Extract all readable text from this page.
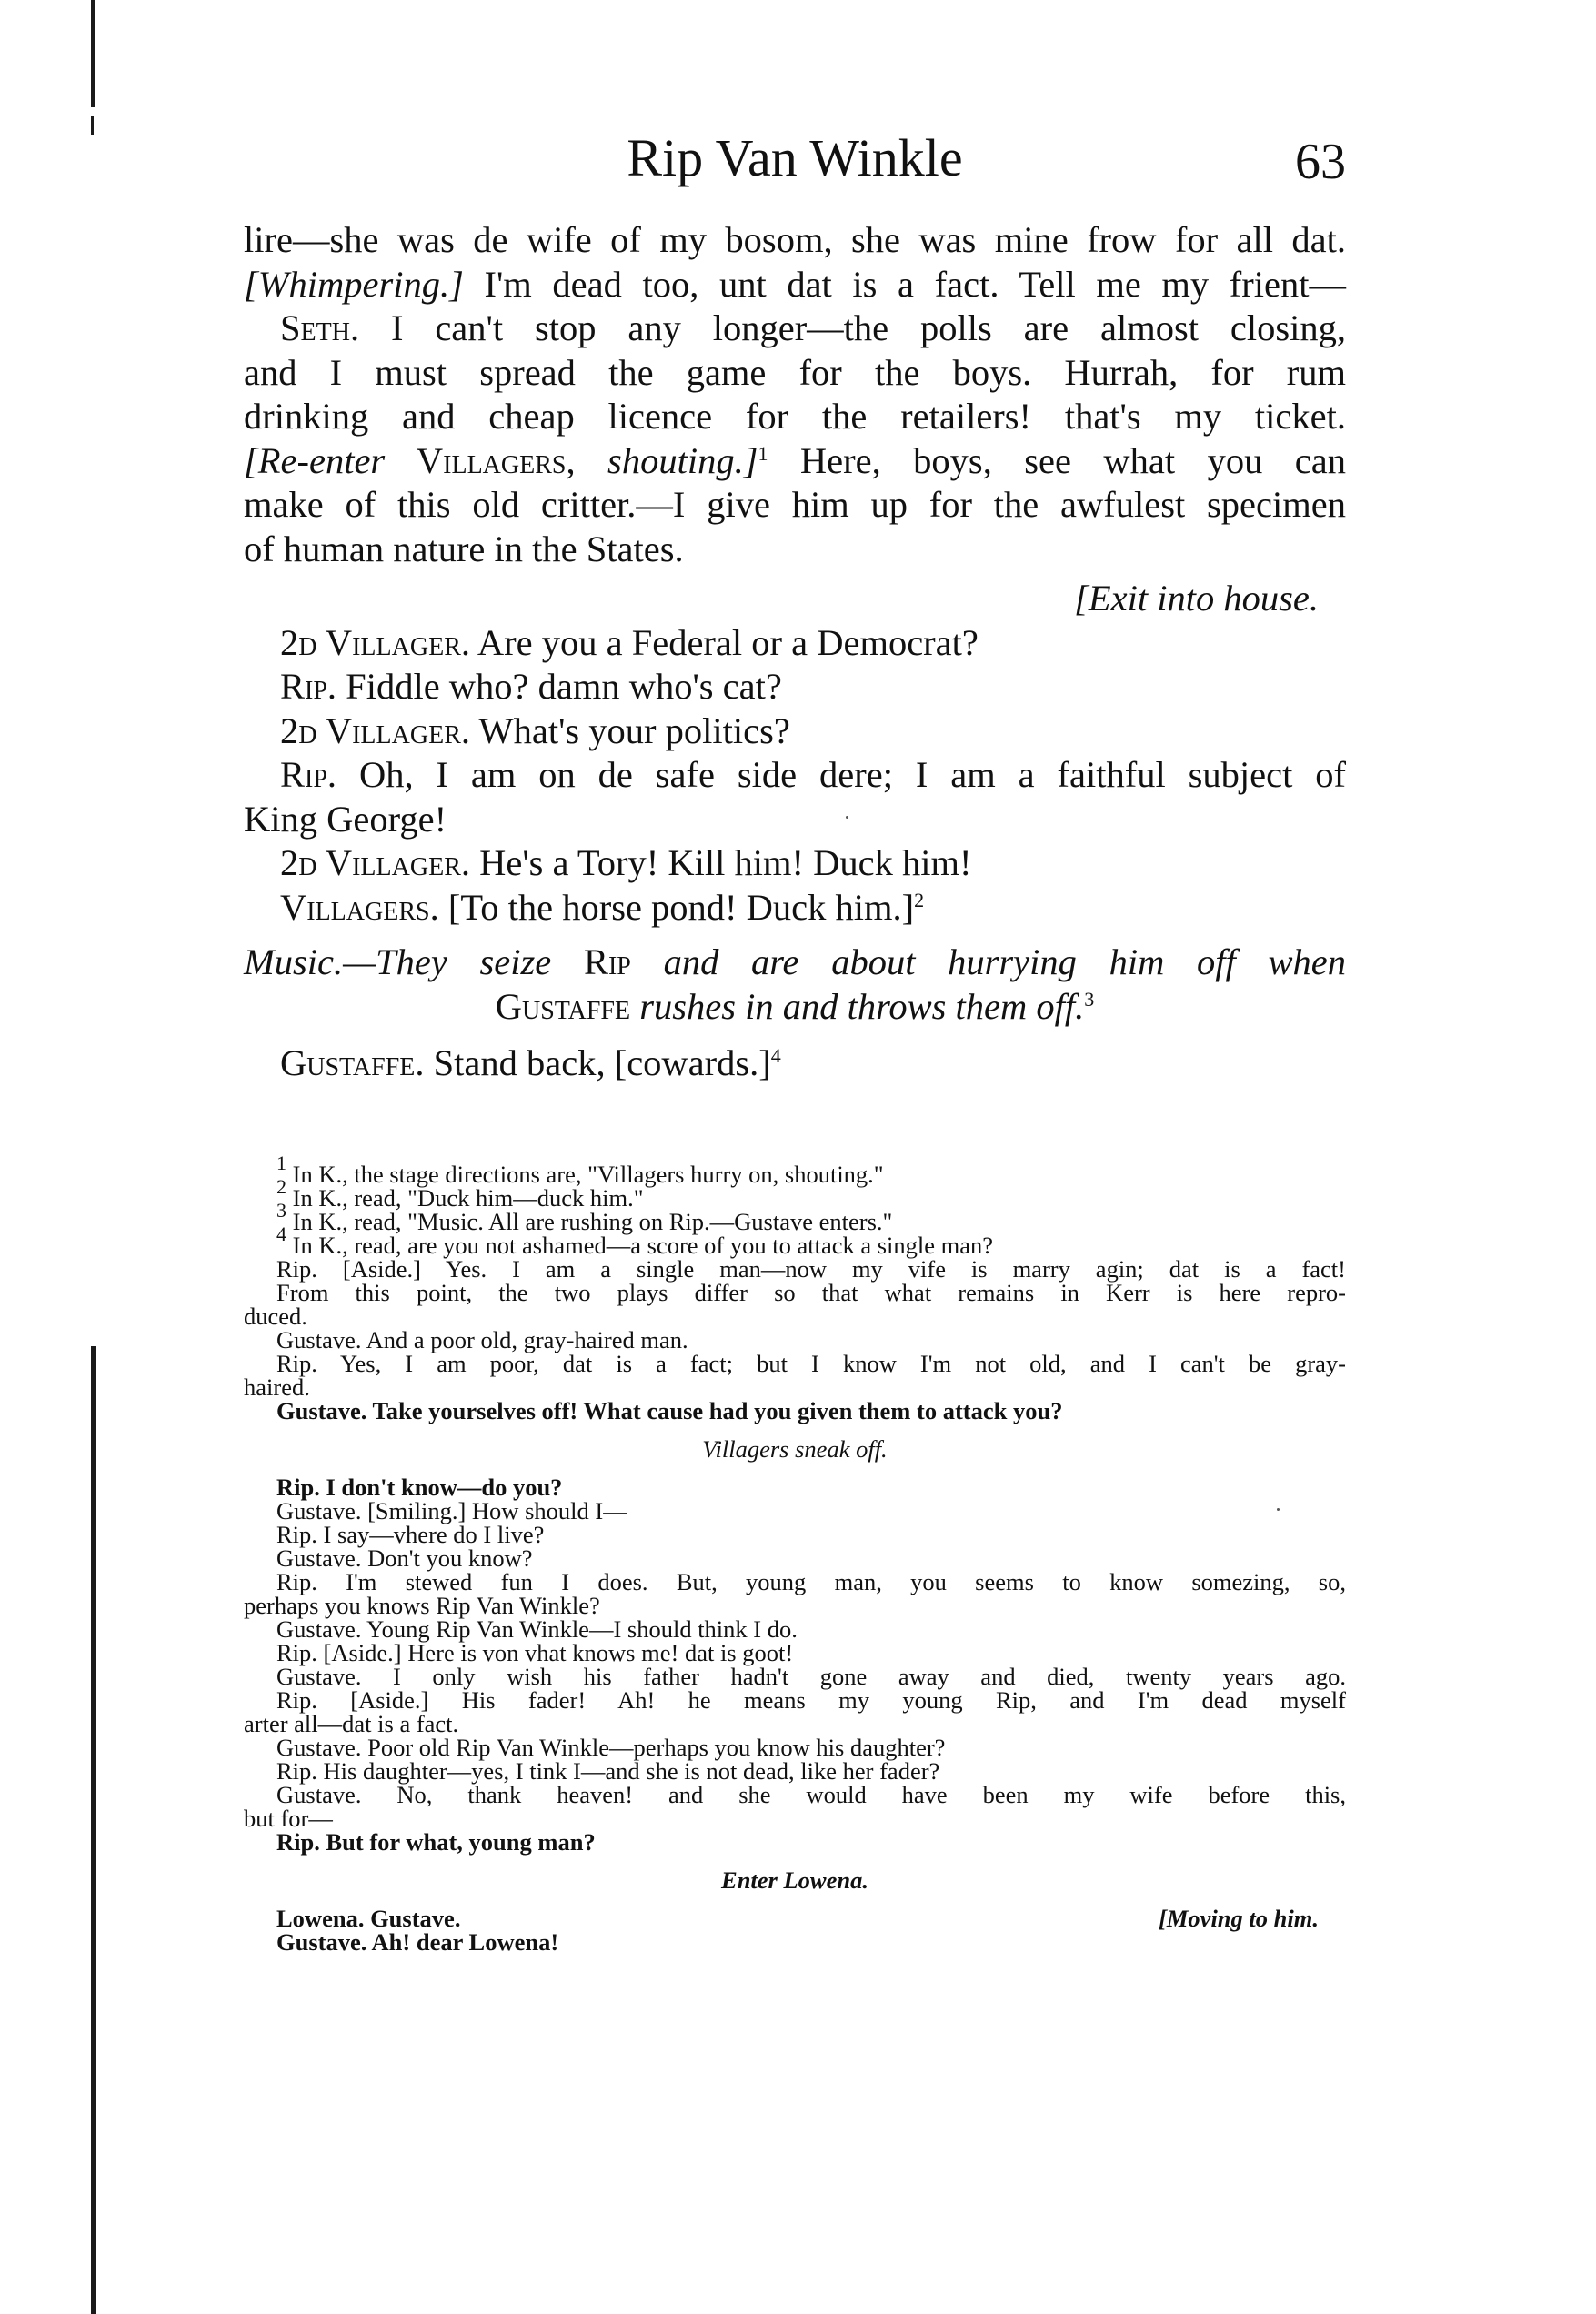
Rip Van Winkle	63

lire—she was de wife of my bosom, she was mine frow for all dat.

[Whimpering.] I'm dead too, unt dat is a fact. Tell me my frient—

Seth. I can't stop any longer—the polls are almost closing,

and I must spread the game for the boys. Hurrah, for rum

drinking and cheap licence for the retailers! that's my ticket.

[Re-enter Villagers, shouting.]$^1$ Here, boys, see what you can

make of this old critter.—I give him up for the awfulest specimen

of human nature in the States.

[Exit into house.

2d Villager. Are you a Federal or a Democrat?

Rip. Fiddle who? damn who's cat?

2d Villager. What's your politics?

Rip. Oh, I am on de safe side dere; I am a faithful subject of

King George!

2d Villager. He's a Tory! Kill him! Duck him!

Villagers. [To the horse pond! Duck him.]$^2$

Music.—They seize Rip and are about hurrying him off when

Gustaffe rushes in and throws them off.$^3$

Gustaffe. Stand back, [cowards.]$^4$

$^1$ In K., the stage directions are, "Villagers hurry on, shouting."

$^2$ In K., read, "Duck him—duck him."

$^3$ In K., read, "Music. All are rushing on Rip.—Gustave enters."

$^4$ In K., read, are you not ashamed—a score of you to attack a single man?

Rip. [Aside.] Yes. I am a single man—now my vife is marry agin; dat is a fact!

From this point, the two plays differ so that what remains in Kerr is here repro-

duced.

Gustave. And a poor old, gray-haired man.

Rip. Yes, I am poor, dat is a fact; but I know I'm not old, and I can't be gray-

haired.

Gustave. Take yourselves off! What cause had you given them to attack you?

Villagers sneak off.

Rip. I don't know—do you?

Gustave. [Smiling.] How should I—

Rip. I say—vhere do I live?

Gustave. Don't you know?

Rip. I'm stewed fun I does. But, young man, you seems to know somezing, so,

perhaps you knows Rip Van Winkle?

Gustave. Young Rip Van Winkle—I should think I do.

Rip. [Aside.] Here is von vhat knows me! dat is goot!

Gustave. I only wish his father hadn't gone away and died, twenty years ago.

Rip. [Aside.] His fader! Ah! he means my young Rip, and I'm dead myself

arter all—dat is a fact.

Gustave. Poor old Rip Van Winkle—perhaps you know his daughter?

Rip. His daughter—yes, I tink I—and she is not dead, like her fader?

Gustave. No, thank heaven! and she would have been my wife before this,

but for—

Rip. But for what, young man?

Enter Lowena.

Lowena. Gustave.	[Moving to him.

Gustave. Ah! dear Lowena!
